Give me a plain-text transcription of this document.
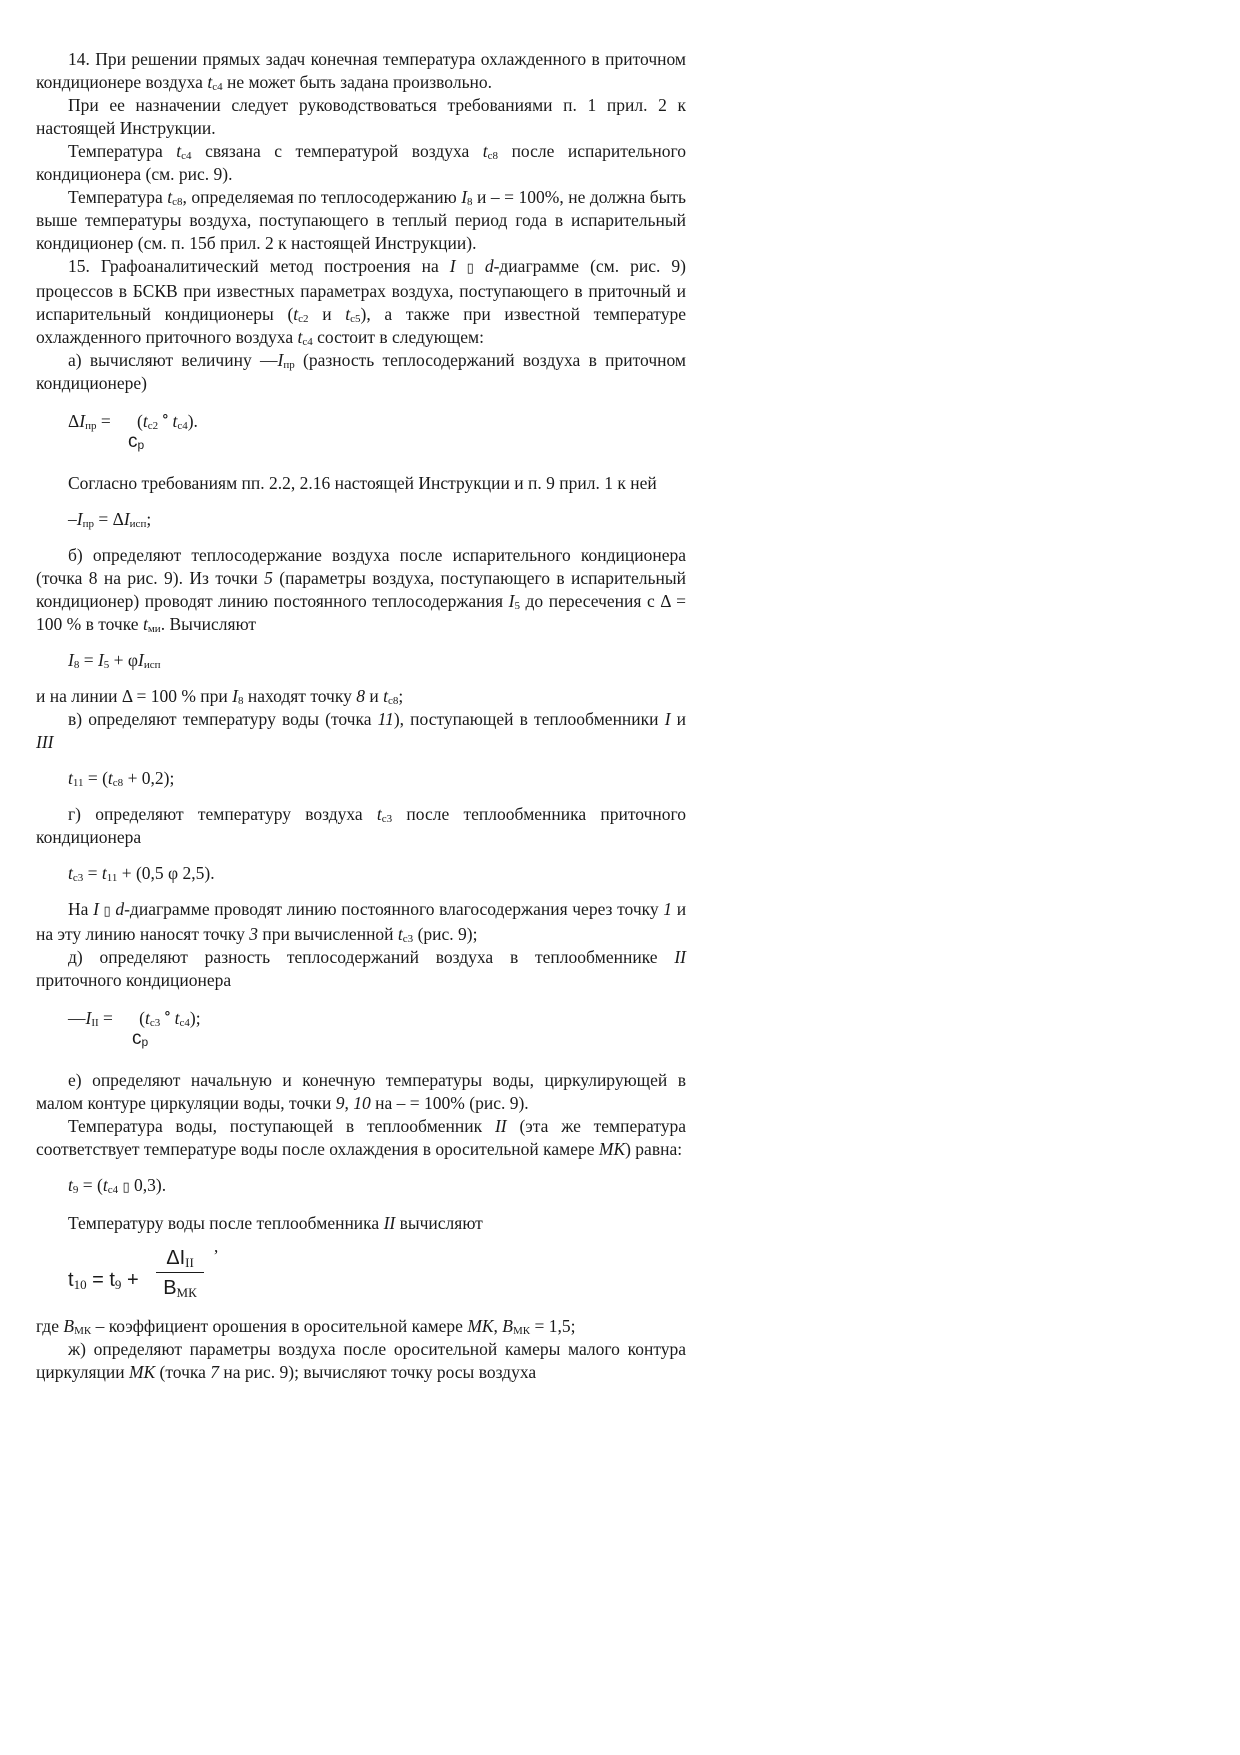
14. При решении прямых задач конечная температура охлажденного в приточном кондиционере воздуха $t_{с4}$ не может быть задана произвольно.

При ее назначении следует руководствоваться требованиями п. 1 прил. 2 к настоящей Инструкции.

Температура $t_{с4}$ связана с температурой воздуха $t_{с8}$ после испарительного кондиционера (см. рис. 9).

Температура $t_{с8}$, определяемая по теплосодержанию $I_8$ и – = 100%, не должна быть выше температуры воздуха, поступающего в теплый период года в испарительный кондиционер (см. п. 15б прил. 2 к настоящей Инструкции).

15. Графоаналитический метод построения на I ▯ d-диаграмме (см. рис. 9) процессов в БСКВ при известных параметрах воздуха, поступающего в приточный и испарительный кондиционеры ($t_{с2}$ и $t_{с5}$), а также при известной температуре охлажденного приточного воздуха $t_{с4}$ состоит в следующем:

а) вычисляют величину $—I_{пр}$ (разность теплосодержаний воздуха в приточном кондиционере)

$\Delta I_{пр} = (t_{с2}$ ° $t_{с4}$).
$c_р$

Согласно требованиям пп. 2.2, 2.16 настоящей Инструкции и п. 9 прил. 1 к ней

$-I_{пр} = \Delta I_{исп}$;

б) определяют теплосодержание воздуха после испарительного кондиционера (точка 8 на рис. 9). Из точки 5 (параметры воздуха, поступающего в испарительный кондиционер) проводят линию постоянного теплосодержания $I_5$ до пересечения с Δ = 100 % в точке $t_{ми}$. Вычисляют

$I_8 = I_5 + \varphi I_{исп}$

и на линии Δ = 100 % при $I_8$ находят точку 8 и $t_{с8}$;

в) определяют температуру воды (точка 11), поступающей в теплообменники I и III

$t_{11} = (t_{с8} + 0,2)$;

г) определяют температуру воздуха $t_{с3}$ после теплообменника приточного кондиционера

$t_{с3} = t_{11} + (0,5$ φ 2,5).

На I ▯ d-диаграмме проводят линию постоянного влагосодержания через точку 1 и на эту линию наносят точку 3 при вычисленной $t_{с3}$ (рис. 9);

д) определяют разность теплосодержаний воздуха в теплообменнике II приточного кондиционера

$—I_{II} = (t_{с3}$ ° $t_{с4}$);
$c_р$

е) определяют начальную и конечную температуры воды, циркулирующей в малом контуре циркуляции воды, точки 9, 10 на – = 100% (рис. 9).

Температура воды, поступающей в теплообменник II (эта же температура соответствует температуре воды после охлаждения в оросительной камере МК) равна:

$t_9 = (t_{с4}$ ▯ 0,3).

Температуру воды после теплообменника II вычисляют

$t_{10} = t_9$ +
$\Delta I_{II}$
$B_{МК}$
,

где $B_{МК}$ – коэффициент орошения в оросительной камере МК, $B_{МК} = 1,5$;

ж) определяют параметры воздуха после оросительной камеры малого контура циркуляции МК (точка 7 на рис. 9); вычисляют точку росы воздуха
